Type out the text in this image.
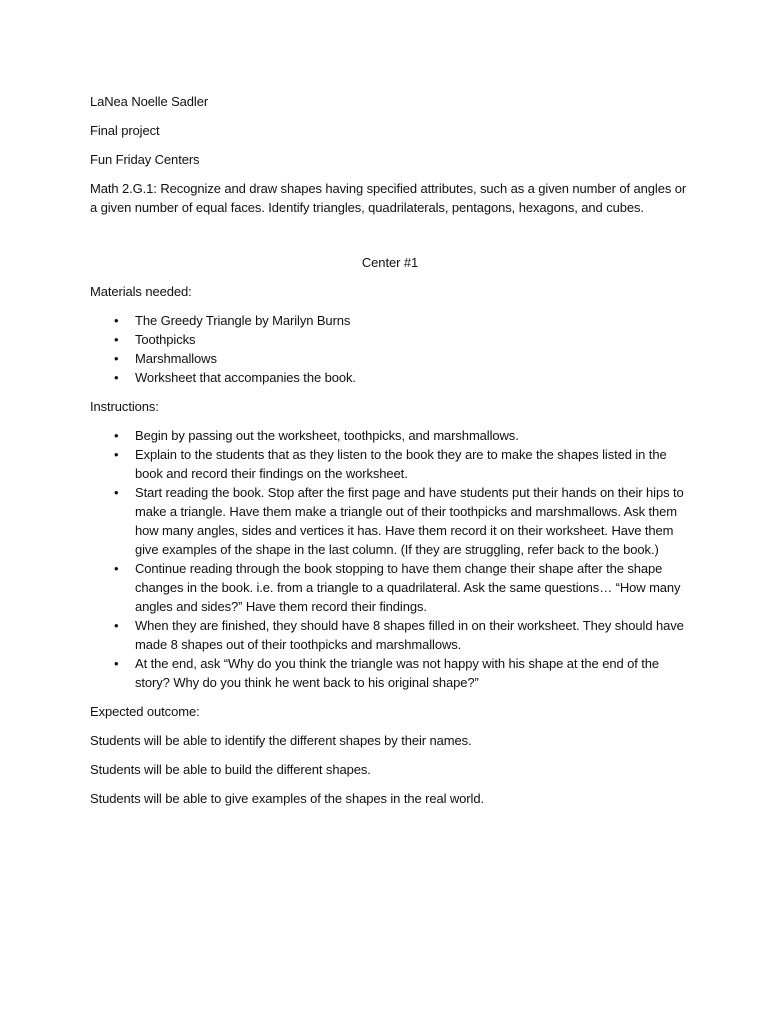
LaNea Noelle Sadler

Final project

Fun Friday Centers

Math 2.G.1: Recognize and draw shapes having specified attributes, such as a given number of angles or a given number of equal faces. Identify triangles, quadrilaterals, pentagons, hexagons, and cubes.

Center #1

Materials needed:

• The Greedy Triangle by Marilyn Burns
• Toothpicks
• Marshmallows
• Worksheet that accompanies the book.

Instructions:

• Begin by passing out the worksheet, toothpicks, and marshmallows.
• Explain to the students that as they listen to the book they are to make the shapes listed in the book and record their findings on the worksheet.
• Start reading the book. Stop after the first page and have students put their hands on their hips to make a triangle. Have them make a triangle out of their toothpicks and marshmallows. Ask them how many angles, sides and vertices it has. Have them record it on their worksheet. Have them give examples of the shape in the last column. (If they are struggling, refer back to the book.)
• Continue reading through the book stopping to have them change their shape after the shape changes in the book. i.e. from a triangle to a quadrilateral. Ask the same questions… “How many angles and sides?” Have them record their findings.
• When they are finished, they should have 8 shapes filled in on their worksheet. They should have made 8 shapes out of their toothpicks and marshmallows.
• At the end, ask “Why do you think the triangle was not happy with his shape at the end of the story? Why do you think he went back to his original shape?”

Expected outcome:

Students will be able to identify the different shapes by their names.

Students will be able to build the different shapes.

Students will be able to give examples of the shapes in the real world.
